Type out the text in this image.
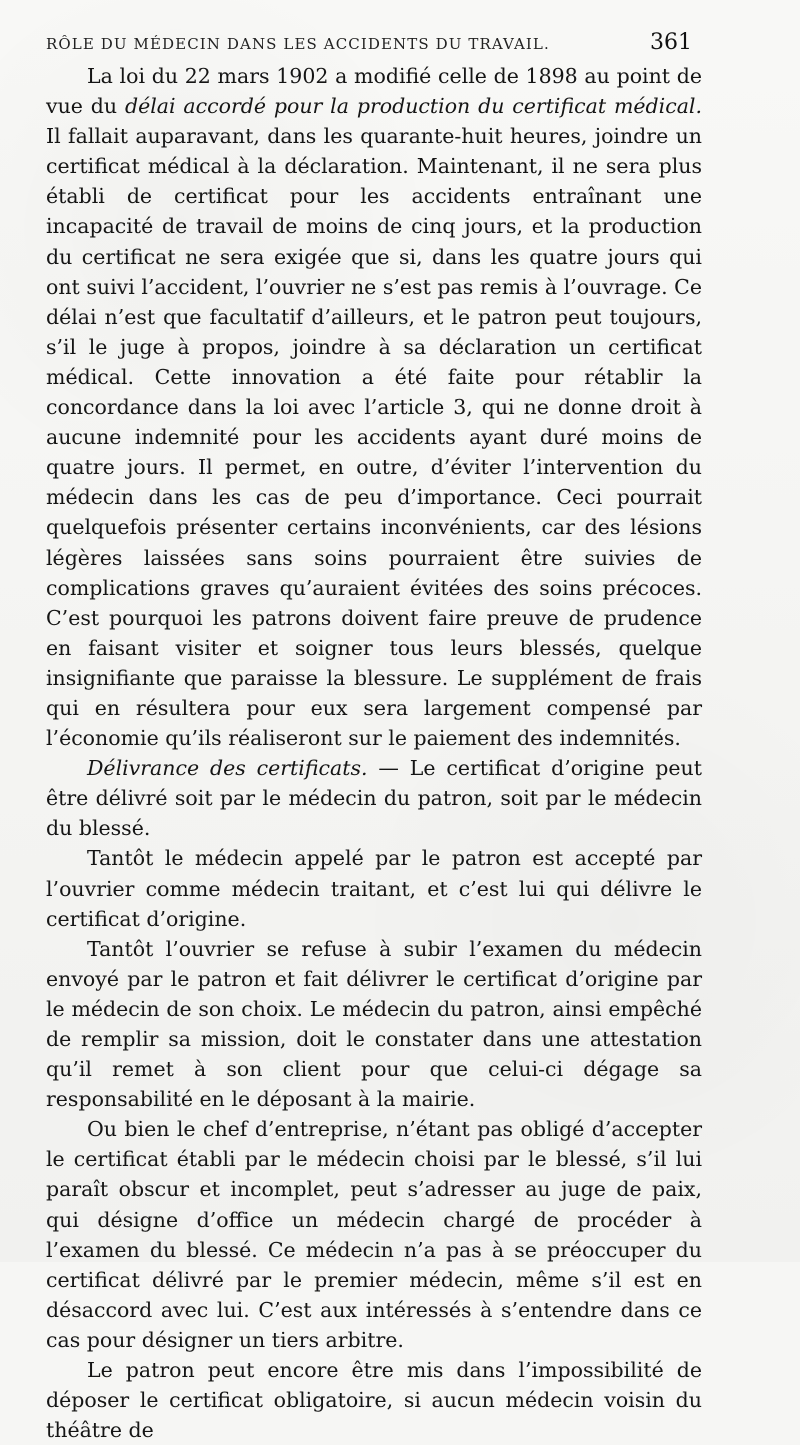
RÔLE DU MÉDECIN DANS LES ACCIDENTS DU TRAVAIL.	361

La loi du 22 mars 1902 a modifié celle de 1898 au point de vue du délai accordé pour la production du certificat médical. Il fallait auparavant, dans les quarante-huit heures, joindre un certificat médical à la déclaration. Maintenant, il ne sera plus établi de certificat pour les accidents entraînant une incapacité de travail de moins de cinq jours, et la production du certificat ne sera exigée que si, dans les quatre jours qui ont suivi l’accident, l’ouvrier ne s’est pas remis à l’ouvrage. Ce délai n’est que facultatif d’ailleurs, et le patron peut toujours, s’il le juge à propos, joindre à sa déclaration un certificat médical. Cette innovation a été faite pour rétablir la concordance dans la loi avec l’article 3, qui ne donne droit à aucune indemnité pour les accidents ayant duré moins de quatre jours. Il permet, en outre, d’éviter l’intervention du médecin dans les cas de peu d’importance. Ceci pourrait quelquefois présenter certains inconvénients, car des lésions légères laissées sans soins pourraient être suivies de complications graves qu’auraient évitées des soins précoces. C’est pourquoi les patrons doivent faire preuve de prudence en faisant visiter et soigner tous leurs blessés, quelque insignifiante que paraisse la blessure. Le supplément de frais qui en résultera pour eux sera largement compensé par l’économie qu’ils réaliseront sur le paiement des indemnités.

Délivrance des certificats. — Le certificat d’origine peut être délivré soit par le médecin du patron, soit par le médecin du blessé.

Tantôt le médecin appelé par le patron est accepté par l’ouvrier comme médecin traitant, et c’est lui qui délivre le certificat d’origine.

Tantôt l’ouvrier se refuse à subir l’examen du médecin envoyé par le patron et fait délivrer le certificat d’origine par le médecin de son choix. Le médecin du patron, ainsi empêché de remplir sa mission, doit le constater dans une attestation qu’il remet à son client pour que celui-ci dégage sa responsabilité en le déposant à la mairie.

Ou bien le chef d’entreprise, n’étant pas obligé d’accepter le certificat établi par le médecin choisi par le blessé, s’il lui paraît obscur et incomplet, peut s’adresser au juge de paix, qui désigne d’office un médecin chargé de procéder à l’examen du blessé. Ce médecin n’a pas à se préoccuper du certificat délivré par le premier médecin, même s’il est en désaccord avec lui. C’est aux intéressés à s’entendre dans ce cas pour désigner un tiers arbitre.

Le patron peut encore être mis dans l’impossibilité de déposer le certificat obligatoire, si aucun médecin voisin du théâtre de
